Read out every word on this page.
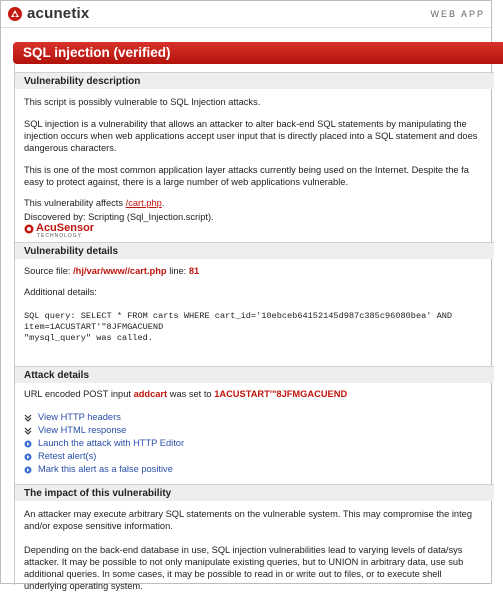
acunetix	WEB APP
SQL injection (verified)
Vulnerability description
This script is possibly vulnerable to SQL Injection attacks.
SQL injection is a vulnerability that allows an attacker to alter back-end SQL statements by manipulating the
injection occurs when web applications accept user input that is directly placed into a SQL statement and does
dangerous characters.
This is one of the most common application layer attacks currently being used on the Internet. Despite the fa
easy to protect against, there is a large number of web applications vulnerable.
This vulnerability affects /cart.php.
Discovered by: Scripting (Sql_Injection.script).
AcuSensor
TECHNOLOGY
Vulnerability details
Source file: /hj/var/www//cart.php line: 81
Additional details:
SQL query: SELECT * FROM carts WHERE cart_id='10ebceb64152145d987c385c96080bea' AND
item=1ACUSTART'"8JFMGACUEND
"mysql_query" was called.
Attack details
URL encoded POST input addcart was set to 1ACUSTART'"8JFMGACUEND
View HTTP headers
View HTML response
Launch the attack with HTTP Editor
Retest alert(s)
Mark this alert as a false positive
The impact of this vulnerability
An attacker may execute arbitrary SQL statements on the vulnerable system. This may compromise the integ
and/or expose sensitive information.
Depending on the back-end database in use, SQL injection vulnerabilities lead to varying levels of data/sys
attacker. It may be possible to not only manipulate existing queries, but to UNION in arbitrary data, use sub
additional queries. In some cases, it may be possible to read in or write out to files, or to execute shell
underlying operating system.
